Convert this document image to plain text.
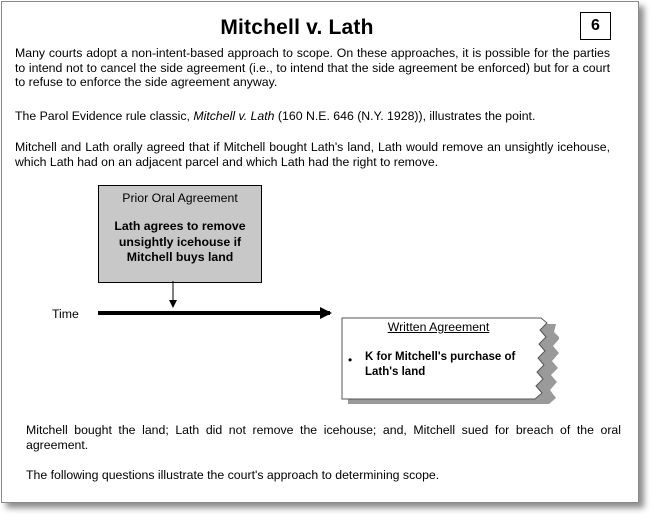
Mitchell v. Lath	6

Many courts adopt a non-intent-based approach to scope. On these approaches, it is possible for the parties to intend not to cancel the side agreement (i.e., to intend that the side agreement be enforced) but for a court to refuse to enforce the side agreement anyway.

The Parol Evidence rule classic, Mitchell v. Lath (160 N.E. 646 (N.Y. 1928)), illustrates the point.

Mitchell and Lath orally agreed that if Mitchell bought Lath's land, Lath would remove an unsightly icehouse, which Lath had on an adjacent parcel and which Lath had the right to remove.

Prior Oral Agreement
Lath agrees to remove unsightly icehouse if Mitchell buys land
Time
Written Agreement
• K for Mitchell's purchase of Lath's land

Mitchell bought the land; Lath did not remove the icehouse; and, Mitchell sued for breach of the oral agreement.

The following questions illustrate the court's approach to determining scope.
